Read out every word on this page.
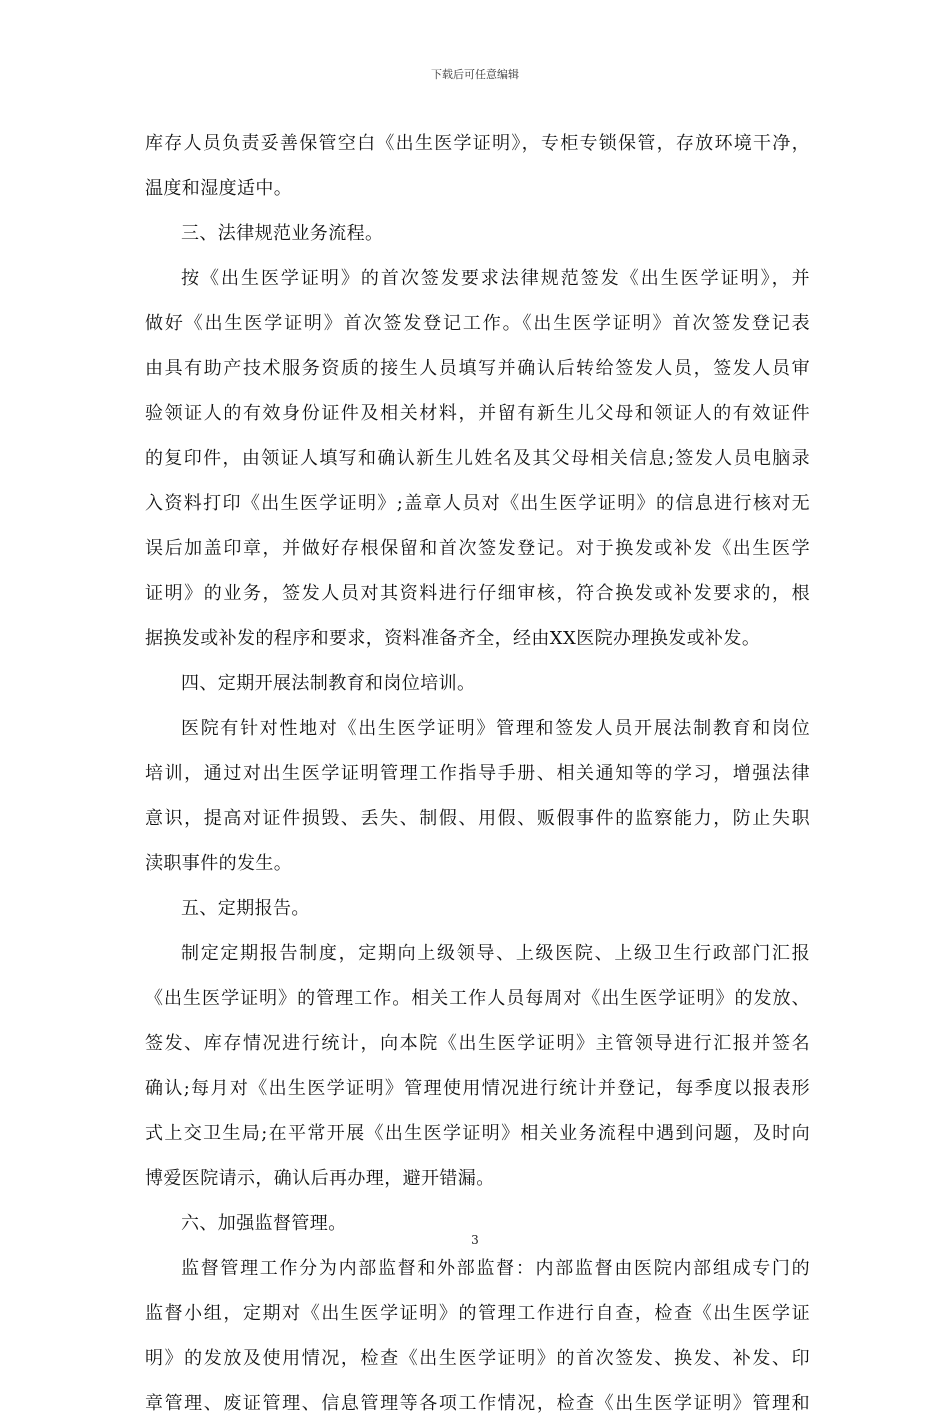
下载后可任意编辑
库存人员负责妥善保管空白《出生医学证明》，专柜专锁保管，存放环境干净，
温度和湿度适中。
三、法律规范业务流程。
按《出生医学证明》的首次签发要求法律规范签发《出生医学证明》，并
做好《出生医学证明》首次签发登记工作。《出生医学证明》首次签发登记表
由具有助产技术服务资质的接生人员填写并确认后转给签发人员，签发人员审
验领证人的有效身份证件及相关材料，并留有新生儿父母和领证人的有效证件
的复印件，由领证人填写和确认新生儿姓名及其父母相关信息;签发人员电脑录
入资料打印《出生医学证明》;盖章人员对《出生医学证明》的信息进行核对无
误后加盖印章，并做好存根保留和首次签发登记。对于换发或补发《出生医学
证明》的业务，签发人员对其资料进行仔细审核，符合换发或补发要求的，根
据换发或补发的程序和要求，资料准备齐全，经由XX医院办理换发或补发。
四、定期开展法制教育和岗位培训。
医院有针对性地对《出生医学证明》管理和签发人员开展法制教育和岗位
培训，通过对出生医学证明管理工作指导手册、相关通知等的学习，增强法律
意识，提高对证件损毁、丢失、制假、用假、贩假事件的监察能力，防止失职
渎职事件的发生。
五、定期报告。
制定定期报告制度，定期向上级领导、上级医院、上级卫生行政部门汇报
《出生医学证明》的管理工作。相关工作人员每周对《出生医学证明》的发放、
签发、库存情况进行统计，向本院《出生医学证明》主管领导进行汇报并签名
确认;每月对《出生医学证明》管理使用情况进行统计并登记，每季度以报表形
式上交卫生局;在平常开展《出生医学证明》相关业务流程中遇到问题，及时向
博爱医院请示，确认后再办理，避开错漏。
六、加强监督管理。
监督管理工作分为内部监督和外部监督：内部监督由医院内部组成专门的
监督小组，定期对《出生医学证明》的管理工作进行自查，检查《出生医学证
明》的发放及使用情况，检查《出生医学证明》的首次签发、换发、补发、印
章管理、废证管理、信息管理等各项工作情况，检查《出生医学证明》管理和
3
